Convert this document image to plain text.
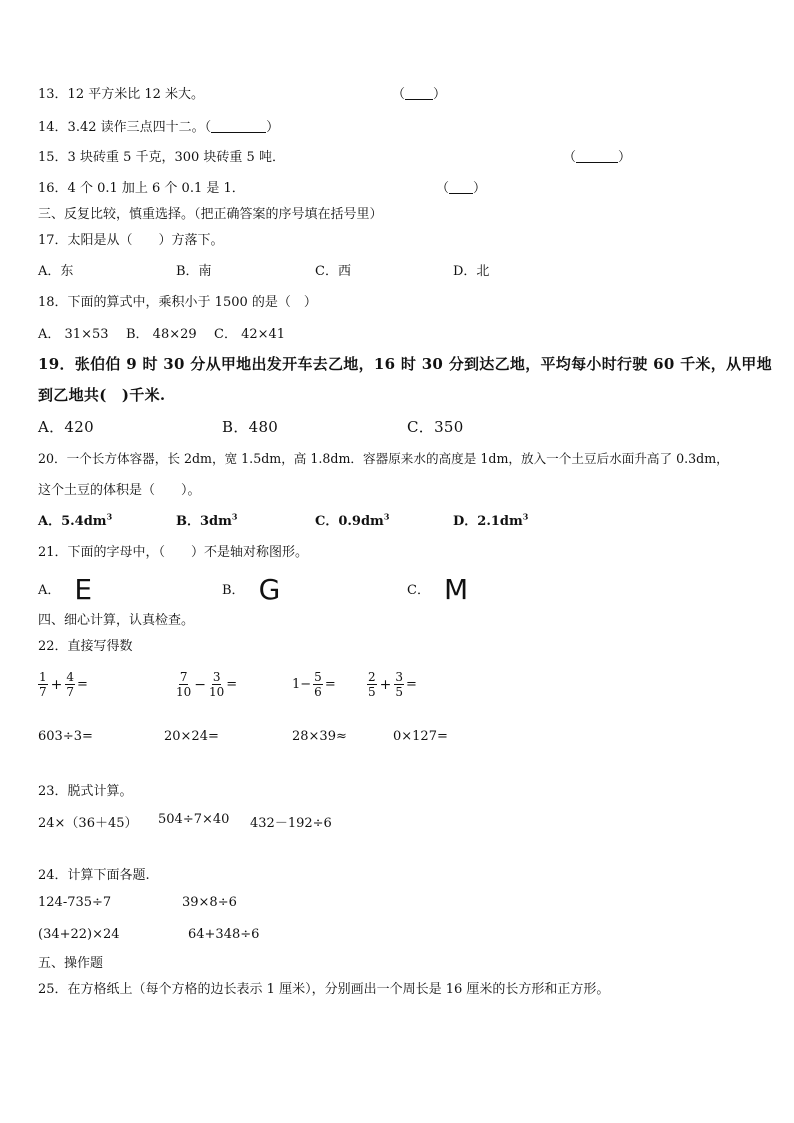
13．12 平方米比 12 米大。	（ ）
14．3.42 读作三点四十二。（	）
15．3 块砖重 5 千克，300 块砖重 5 吨．	（	）
16．4 个 0.1 加上 6 个 0.1 是 1．	（ ）
三、反复比较，慎重选择。（把正确答案的序号填在括号里）
17．太阳是从（　　）方落下。
A．东	B．南	C．西	D．北
18．下面的算式中，乘积小于 1500 的是（　）
A． 31×53 B． 48×29 C． 42×41
19．张伯伯 9 时 30 分从甲地出发开车去乙地，16 时 30 分到达乙地，平均每小时行驶 60 千米，从甲地
到乙地共(　)千米.
A．420	B．480	C．350
20．一个长方体容器，长 2dm，宽 1.5dm，高 1.8dm．容器原来水的高度是 1dm，放入一个土豆后水面升高了 0.3dm，
这个土豆的体积是（　　）。
A．$5.4dm^3$	B．$3dm^3$	C．$0.9dm^3$	D．$2.1dm^3$
21．下面的字母中，（　　）不是轴对称图形。
A． E	B． G	C． M
四、细心计算，认真检查。
22．直接写得数
$\frac{1}{7} + \frac{4}{7}$ =	$\frac{7}{10} - \frac{3}{10}$ =	$1- \frac{5}{6}$ =	$\frac{2}{5} + \frac{3}{5}$ =
603÷3=	20×24=	28×39≈	0×127=
23．脱式计算。
24×（36＋45） 504÷7×40 432－192÷6
24．计算下面各题.
124-735÷7	39×8÷6
(34+22)×24	64+348÷6
五、操作题
25．在方格纸上（每个方格的边长表示 1 厘米），分别画出一个周长是 16 厘米的长方形和正方形。
